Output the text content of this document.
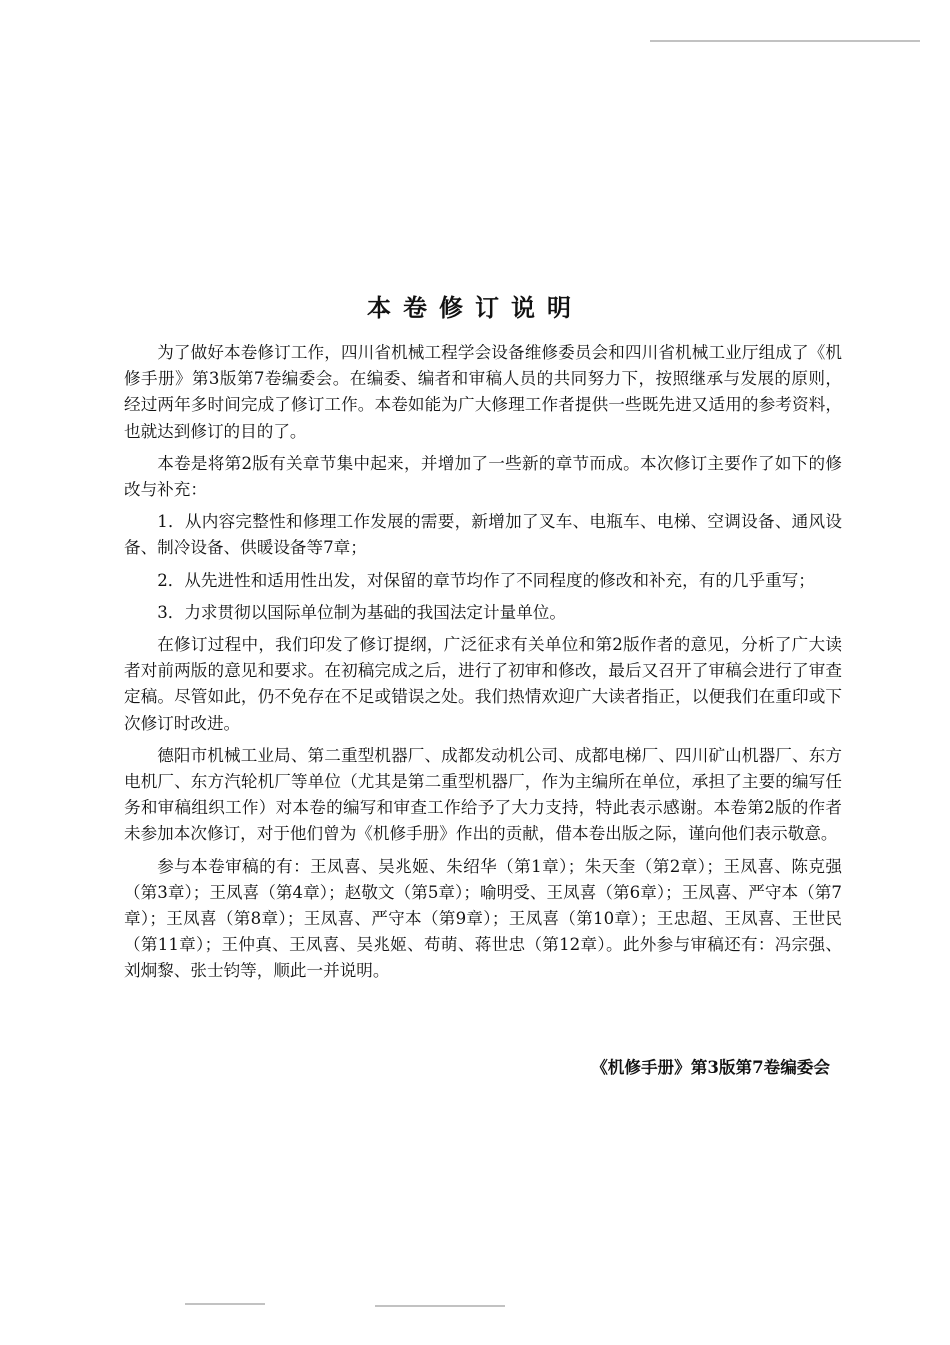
本卷修订说明

为了做好本卷修订工作，四川省机械工程学会设备维修委员会和四川省机械工业厅组成了《机修手册》第3版第7卷编委会。在编委、编者和审稿人员的共同努力下，按照继承与发展的原则，经过两年多时间完成了修订工作。本卷如能为广大修理工作者提供一些既先进又适用的参考资料，也就达到修订的目的了。

本卷是将第2版有关章节集中起来，并增加了一些新的章节而成。本次修订主要作了如下的修改与补充：

1．从内容完整性和修理工作发展的需要，新增加了叉车、电瓶车、电梯、空调设备、通风设备、制冷设备、供暖设备等7章；

2．从先进性和适用性出发，对保留的章节均作了不同程度的修改和补充，有的几乎重写；

3．力求贯彻以国际单位制为基础的我国法定计量单位。

在修订过程中，我们印发了修订提纲，广泛征求有关单位和第2版作者的意见，分析了广大读者对前两版的意见和要求。在初稿完成之后，进行了初审和修改，最后又召开了审稿会进行了审查定稿。尽管如此，仍不免存在不足或错误之处。我们热情欢迎广大读者指正，以便我们在重印或下次修订时改进。

德阳市机械工业局、第二重型机器厂、成都发动机公司、成都电梯厂、四川矿山机器厂、东方电机厂、东方汽轮机厂等单位（尤其是第二重型机器厂，作为主编所在单位，承担了主要的编写任务和审稿组织工作）对本卷的编写和审查工作给予了大力支持，特此表示感谢。本卷第2版的作者未参加本次修订，对于他们曾为《机修手册》作出的贡献，借本卷出版之际，谨向他们表示敬意。

参与本卷审稿的有：王凤喜、吴兆姬、朱绍华（第1章）；朱天奎（第2章）；王凤喜、陈克强（第3章）；王凤喜（第4章）；赵敬文（第5章）；喻明受、王凤喜（第6章）；王凤喜、严守本（第7章）；王凤喜（第8章）；王凤喜、严守本（第9章）；王凤喜（第10章）；王忠超、王凤喜、王世民（第11章）；王仲真、王凤喜、吴兆姬、苟萌、蒋世忠（第12章）。此外参与审稿还有：冯宗强、刘炯黎、张士钧等，顺此一并说明。

《机修手册》第3版第7卷编委会
